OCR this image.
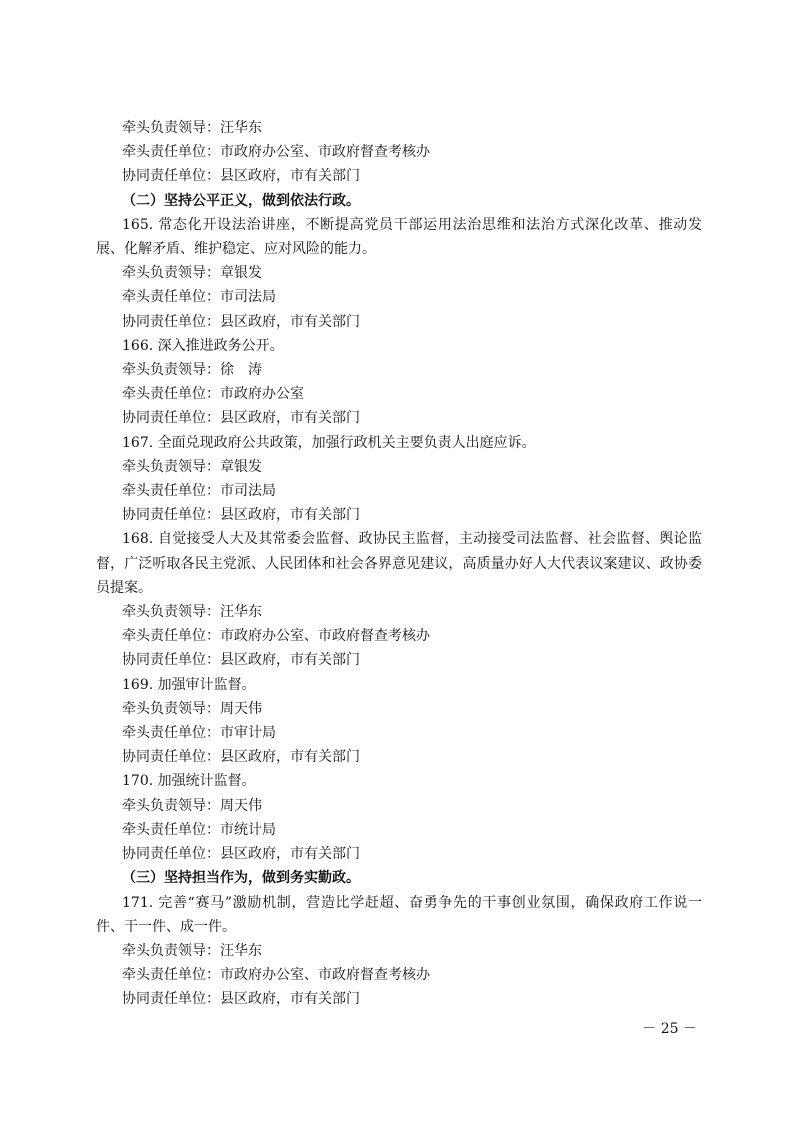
牵头负责领导：汪华东
牵头责任单位：市政府办公室、市政府督查考核办
协同责任单位：县区政府，市有关部门
（二）坚持公平正义，做到依法行政。
165. 常态化开设法治讲座，不断提高党员干部运用法治思维和法治方式深化改革、推动发展、化解矛盾、维护稳定、应对风险的能力。
牵头负责领导：章银发
牵头责任单位：市司法局
协同责任单位：县区政府，市有关部门
166. 深入推进政务公开。
牵头负责领导：徐　涛
牵头责任单位：市政府办公室
协同责任单位：县区政府，市有关部门
167. 全面兑现政府公共政策，加强行政机关主要负责人出庭应诉。
牵头负责领导：章银发
牵头责任单位：市司法局
协同责任单位：县区政府，市有关部门
168. 自觉接受人大及其常委会监督、政协民主监督，主动接受司法监督、社会监督、舆论监督，广泛听取各民主党派、人民团体和社会各界意见建议，高质量办好人大代表议案建议、政协委员提案。
牵头负责领导：汪华东
牵头责任单位：市政府办公室、市政府督查考核办
协同责任单位：县区政府，市有关部门
169. 加强审计监督。
牵头负责领导：周天伟
牵头责任单位：市审计局
协同责任单位：县区政府，市有关部门
170. 加强统计监督。
牵头负责领导：周天伟
牵头责任单位：市统计局
协同责任单位：县区政府，市有关部门
（三）坚持担当作为，做到务实勤政。
171. 完善“赛马”激励机制，营造比学赶超、奋勇争先的干事创业氛围，确保政府工作说一件、干一件、成一件。
牵头负责领导：汪华东
牵头责任单位：市政府办公室、市政府督查考核办
协同责任单位：县区政府，市有关部门
－ 25 －
